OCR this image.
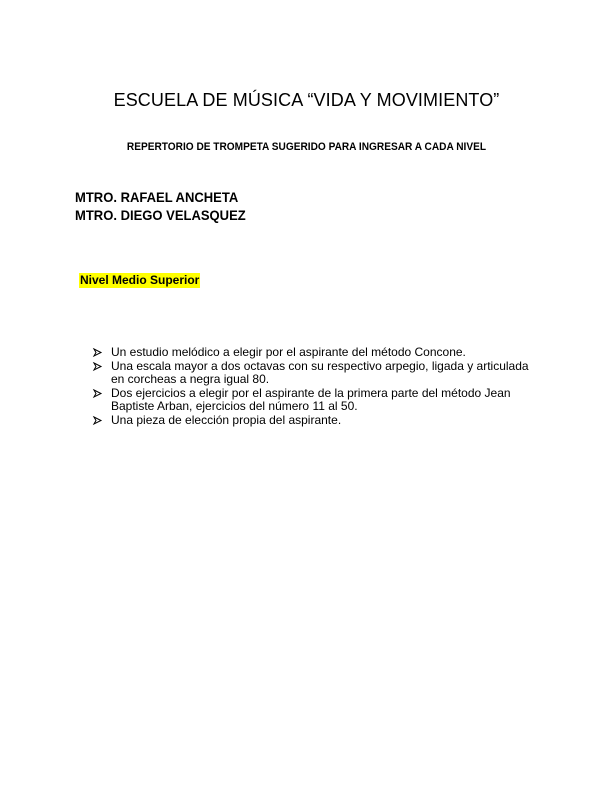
ESCUELA DE MÚSICA “VIDA Y MOVIMIENTO”
REPERTORIO DE TROMPETA SUGERIDO PARA INGRESAR A CADA NIVEL
MTRO. RAFAEL ANCHETA
MTRO. DIEGO VELASQUEZ
Nivel Medio Superior
Un estudio melódico a elegir por el aspirante del método Concone.
Una escala mayor a dos octavas con su respectivo arpegio, ligada y articulada en corcheas a negra igual 80.
Dos ejercicios a elegir por el aspirante de la primera parte del método Jean Baptiste Arban, ejercicios del número 11 al 50.
Una pieza de elección propia del aspirante.
